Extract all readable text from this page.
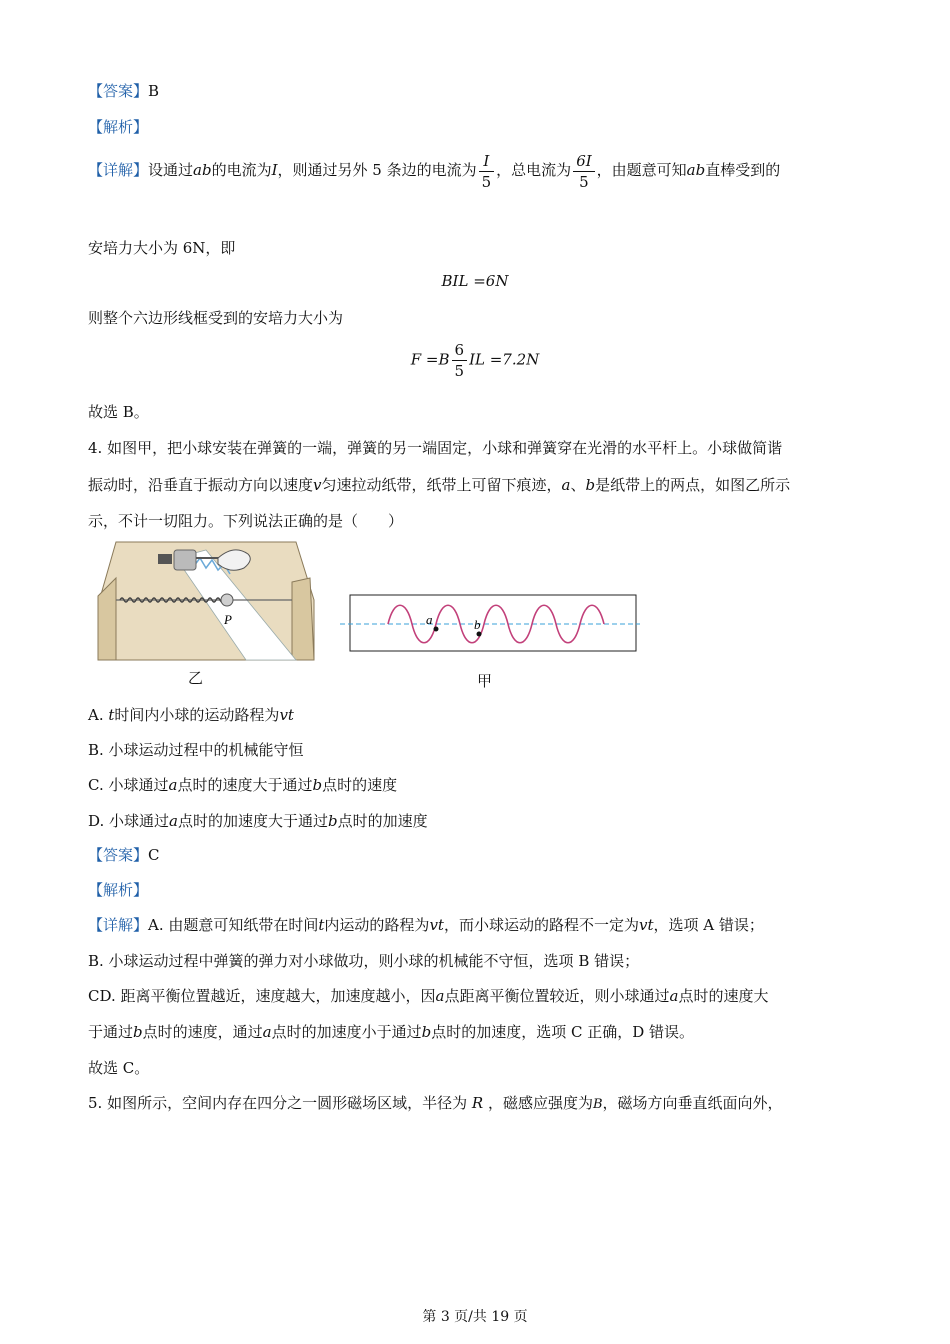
【答案】B
【解析】
【详解】设通过ab的电流为I，则通过另外 5 条边的电流为 $\frac{I}{5}$ ，总电流为 $\frac{6I}{5}$ ，由题意可知ab直棒受到的
安培力大小为 6N，即
BIL =6N
则整个六边形线框受到的安培力大小为
$F =B \frac{6}{5}$ IL =7.2N
故选 B。
4. 如图甲，把小球安装在弹簧的一端，弹簧的另一端固定，小球和弹簧穿在光滑的水平杆上。小球做简谐
振动时，沿垂直于振动方向以速度v匀速拉动纸带，纸带上可留下痕迹，a、b是纸带上的两点，如图乙所示
示，不计一切阻力。下列说法正确的是（　　）
P
乙
a	b
甲
A. t时间内小球的运动路程为vt
B. 小球运动过程中的机械能守恒
C. 小球通过a点时的速度大于通过b点时的速度
D. 小球通过a点时的加速度大于通过b点时的加速度
【答案】C
【解析】
【详解】A. 由题意可知纸带在时间t内运动的路程为vt，而小球运动的路程不一定为vt，选项 A 错误；
B. 小球运动过程中弹簧的弹力对小球做功，则小球的机械能不守恒，选项 B 错误；
CD. 距离平衡位置越近，速度越大，加速度越小，因a点距离平衡位置较近，则小球通过a点时的速度大
于通过b点时的速度，通过a点时的加速度小于通过b点时的加速度，选项 C 正确，D 错误。
故选 C。
5. 如图所示，空间内存在四分之一圆形磁场区域，半径为 R ，磁感应强度为B，磁场方向垂直纸面向外，
第 3 页/共 19 页
